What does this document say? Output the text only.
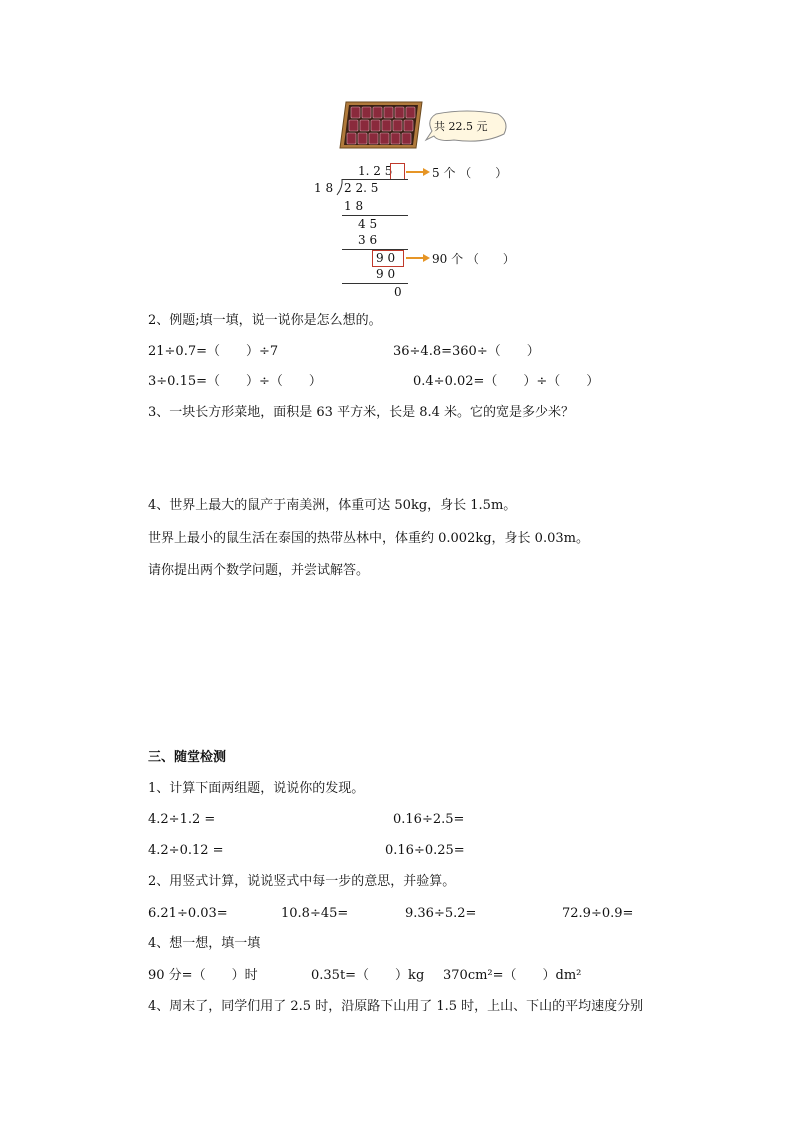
共 22.5 元
1. 2 5	5 个 （　　）
1 8 2 2. 5
1 8
4 5
3 6
9 0	90 个 （　　）
9 0
0
2、例题;填一填，说一说你是怎么想的。
21÷0.7=（　　）÷7	36÷4.8=360÷（　　）
3÷0.15=（　　）÷（　　）	0.4÷0.02=（　　）÷（　　）
3、一块长方形菜地，面积是 63 平方米，长是 8.4 米。它的宽是多少米？
4、世界上最大的鼠产于南美洲，体重可达 50kg，身长 1.5m。
世界上最小的鼠生活在泰国的热带丛林中，体重约 0.002kg，身长 0.03m。
请你提出两个数学问题，并尝试解答。
三、随堂检测
1、计算下面两组题，说说你的发现。
4.2÷1.2 =	0.16÷2.5=
4.2÷0.12 =	0.16÷0.25=
2、用竖式计算，说说竖式中每一步的意思，并验算。
6.21÷0.03=	10.8÷45=	9.36÷5.2=	72.9÷0.9=
4、想一想，填一填
90 分=（　　）时	0.35t=（　　）kg 370cm²=（　　）dm²
4、周末了，同学们用了 2.5 时，沿原路下山用了 1.5 时，上山、下山的平均速度分别
